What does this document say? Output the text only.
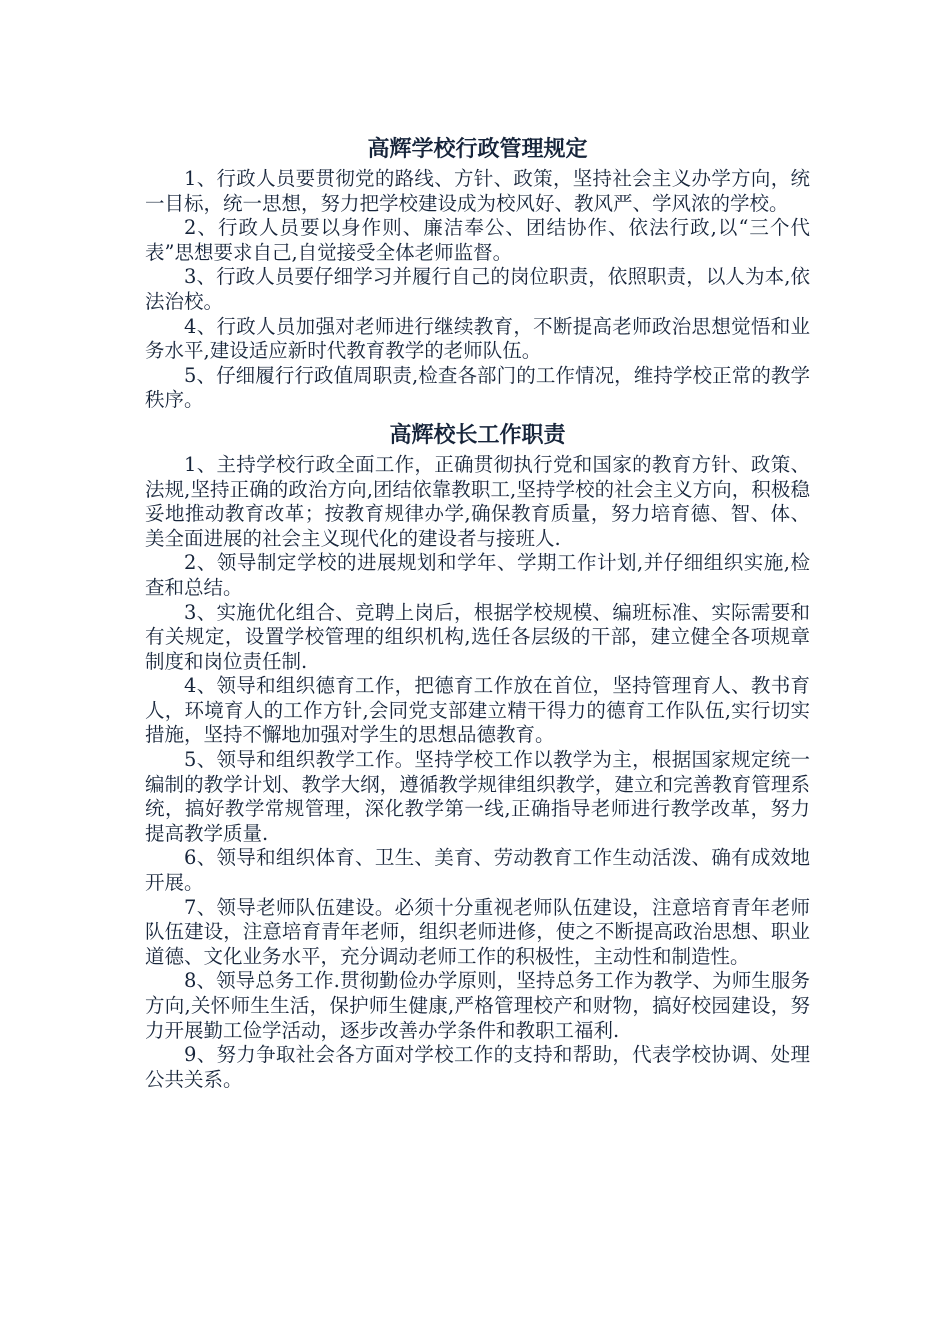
高辉学校行政管理规定

1、行政人员要贯彻党的路线、方针、政策，坚持社会主义办学方向，统一目标，统一思想，努力把学校建设成为校风好、教风严、学风浓的学校。

2、行政人员要以身作则、廉洁奉公、团结协作、依法行政,以“三个代表”思想要求自己,自觉接受全体老师监督。

3、行政人员要仔细学习并履行自己的岗位职责，依照职责，以人为本,依法治校。

4、行政人员加强对老师进行继续教育，不断提高老师政治思想觉悟和业务水平,建设适应新时代教育教学的老师队伍。

5、仔细履行行政值周职责,检查各部门的工作情况，维持学校正常的教学秩序。

高辉校长工作职责

1、主持学校行政全面工作，正确贯彻执行党和国家的教育方针、政策、法规,坚持正确的政治方向,团结依靠教职工,坚持学校的社会主义方向，积极稳妥地推动教育改革；按教育规律办学,确保教育质量，努力培育德、智、体、美全面进展的社会主义现代化的建设者与接班人.

2、领导制定学校的进展规划和学年、学期工作计划,并仔细组织实施,检查和总结。

3、实施优化组合、竞聘上岗后，根据学校规模、编班标准、实际需要和有关规定，设置学校管理的组织机构,选任各层级的干部，建立健全各项规章制度和岗位责任制.

4、领导和组织德育工作，把德育工作放在首位，坚持管理育人、教书育人，环境育人的工作方针,会同党支部建立精干得力的德育工作队伍,实行切实措施，坚持不懈地加强对学生的思想品德教育。

5、领导和组织教学工作。坚持学校工作以教学为主，根据国家规定统一编制的教学计划、教学大纲，遵循教学规律组织教学，建立和完善教育管理系统，搞好教学常规管理，深化教学第一线,正确指导老师进行教学改革，努力提高教学质量.

6、领导和组织体育、卫生、美育、劳动教育工作生动活泼、确有成效地开展。

7、领导老师队伍建设。必须十分重视老师队伍建设，注意培育青年老师队伍建设，注意培育青年老师，组织老师进修，使之不断提高政治思想、职业道德、文化业务水平，充分调动老师工作的积极性，主动性和制造性。

8、领导总务工作.贯彻勤俭办学原则，坚持总务工作为教学、为师生服务方向,关怀师生生活，保护师生健康,严格管理校产和财物，搞好校园建设，努力开展勤工俭学活动，逐步改善办学条件和教职工福利.

9、努力争取社会各方面对学校工作的支持和帮助，代表学校协调、处理公共关系。
